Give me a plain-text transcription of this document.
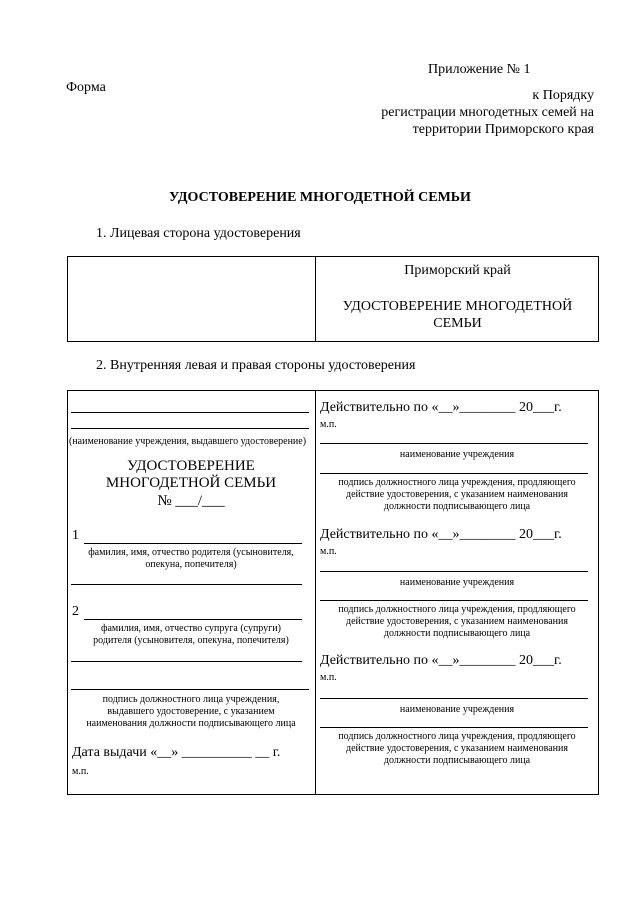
Приложение № 1
Форма
к Порядку
регистрации многодетных семей на
территории Приморского края
УДОСТОВЕРЕНИЕ МНОГОДЕТНОЙ СЕМЬИ
1. Лицевая сторона удостоверения
Приморский край
УДОСТОВЕРЕНИЕ МНОГОДЕТНОЙ
СЕМЬИ
2. Внутренняя левая и правая стороны удостоверения
(наименование учреждения, выдавшего удостоверение)
УДОСТОВЕРЕНИЕ
МНОГОДЕТНОЙ СЕМЬИ
№ ___/___
1
фамилия, имя, отчество родителя (усыновителя,
опекуна, попечителя)
2
фамилия, имя, отчество супруга (супруги)
родителя (усыновителя, опекуна, попечителя)
подпись должностного лица учреждения,
выдавшего удостоверение, с указанием
наименования должности подписывающего лица
Дата выдачи «__» __________ __ г.
м.п.
Действительно по «__»________ 20___г.
м.п.
наименование учреждения
подпись должностного лица учреждения, продляющего
действие удостоверения, с указанием наименования
должности подписывающего лица
Действительно по «__»________ 20___г.
м.п.
наименование учреждения
подпись должностного лица учреждения, продляющего
действие удостоверения, с указанием наименования
должности подписывающего лица
Действительно по «__»________ 20___г.
м.п.
наименование учреждения
подпись должностного лица учреждения, продляющего
действие удостоверения, с указанием наименования
должности подписывающего лица
